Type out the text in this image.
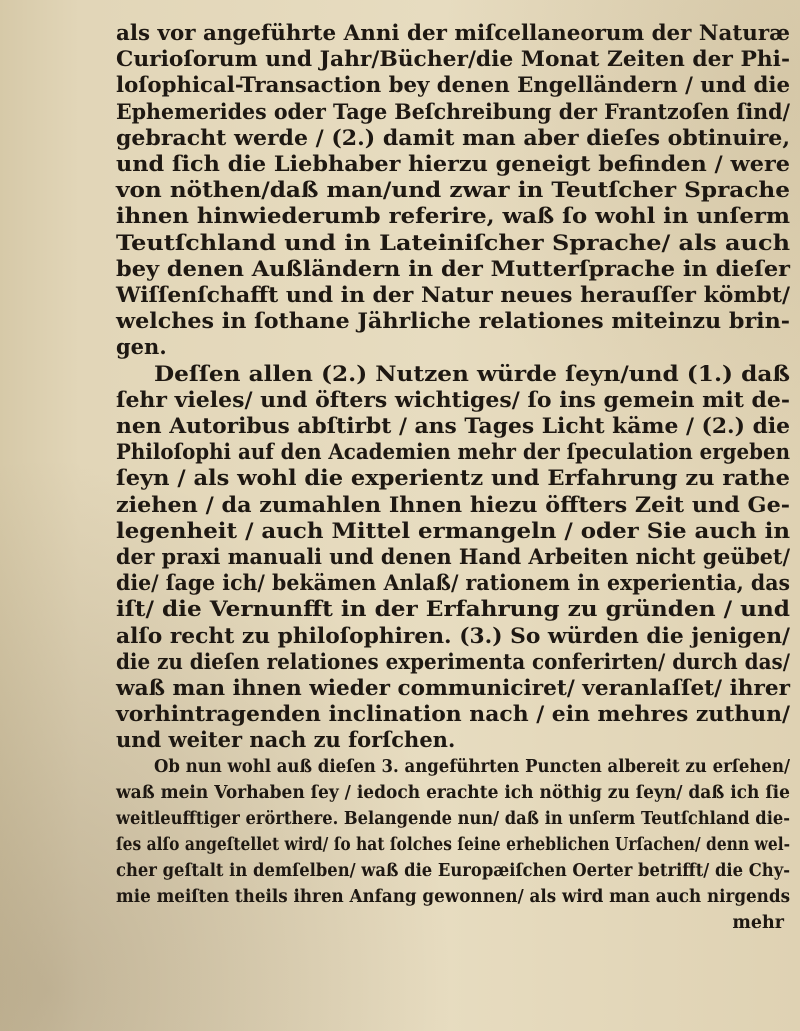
als vor angeführte Anni der miſcellaneorum der Naturæ
Curioſorum und Jahr/Bücher/die Monat Zeiten der Phi-
loſophical-Transaction bey denen Engelländern / und die
Ephemerides oder Tage Beſchreibung der Frantzoſen ſind/
gebracht werde / (2.) damit man aber dieſes obtinuire,
und ſich die Liebhaber hierzu geneigt befinden / were
von nöthen/daß man/und zwar in Teutſcher Sprache
ihnen hinwiederumb referire, waß ſo wohl in unſerm
Teutſchland und in Lateiniſcher Sprache/ als auch
bey denen Außländern in der Mutterſprache in dieſer
Wiſſenſchafft und in der Natur neues herauſſer kömbt/
welches in ſothane Jährliche relationes miteinzu brin-
gen.
Deſſen allen (2.) Nutzen würde ſeyn/und (1.) daß
ſehr vieles/ und öfters wichtiges/ ſo ins gemein mit de-
nen Autoribus abſtirbt / ans Tages Licht käme / (2.) die
Philoſophi auf den Academien mehr der ſpeculation ergeben
ſeyn / als wohl die experientz und Erfahrung zu rathe
ziehen / da zumahlen Ihnen hiezu öffters Zeit und Ge-
legenheit / auch Mittel ermangeln / oder Sie auch in
der praxi manuali und denen Hand Arbeiten nicht geübet/
die/ ſage ich/ bekämen Anlaß/ rationem in experientia, das
iſt/ die Vernunfft in der Erfahrung zu gründen / und
alſo recht zu philoſophiren. (3.) So würden die jenigen/
die zu dieſen relationes experimenta conferirten/ durch das/
waß man ihnen wieder communiciret/ veranlaſſet/ ihrer
vorhintragenden inclination nach / ein mehres zuthun/
und weiter nach zu forſchen.
Ob nun wohl auß dieſen 3. angeführten Puncten albereit zu erſehen/
waß mein Vorhaben ſey / iedoch erachte ich nöthig zu ſeyn/ daß ich ſie
weitleufftiger erörthere. Belangende nun/ daß in unſerm Teutſchland die-
ſes alſo angeſtellet wird/ ſo hat ſolches ſeine erheblichen Urſachen/ denn wel-
cher geſtalt in demſelben/ waß die Europæiſchen Oerter betrifft/ die Chy-
mie meiſten theils ihren Anfang gewonnen/ als wird man auch nirgends
mehr
